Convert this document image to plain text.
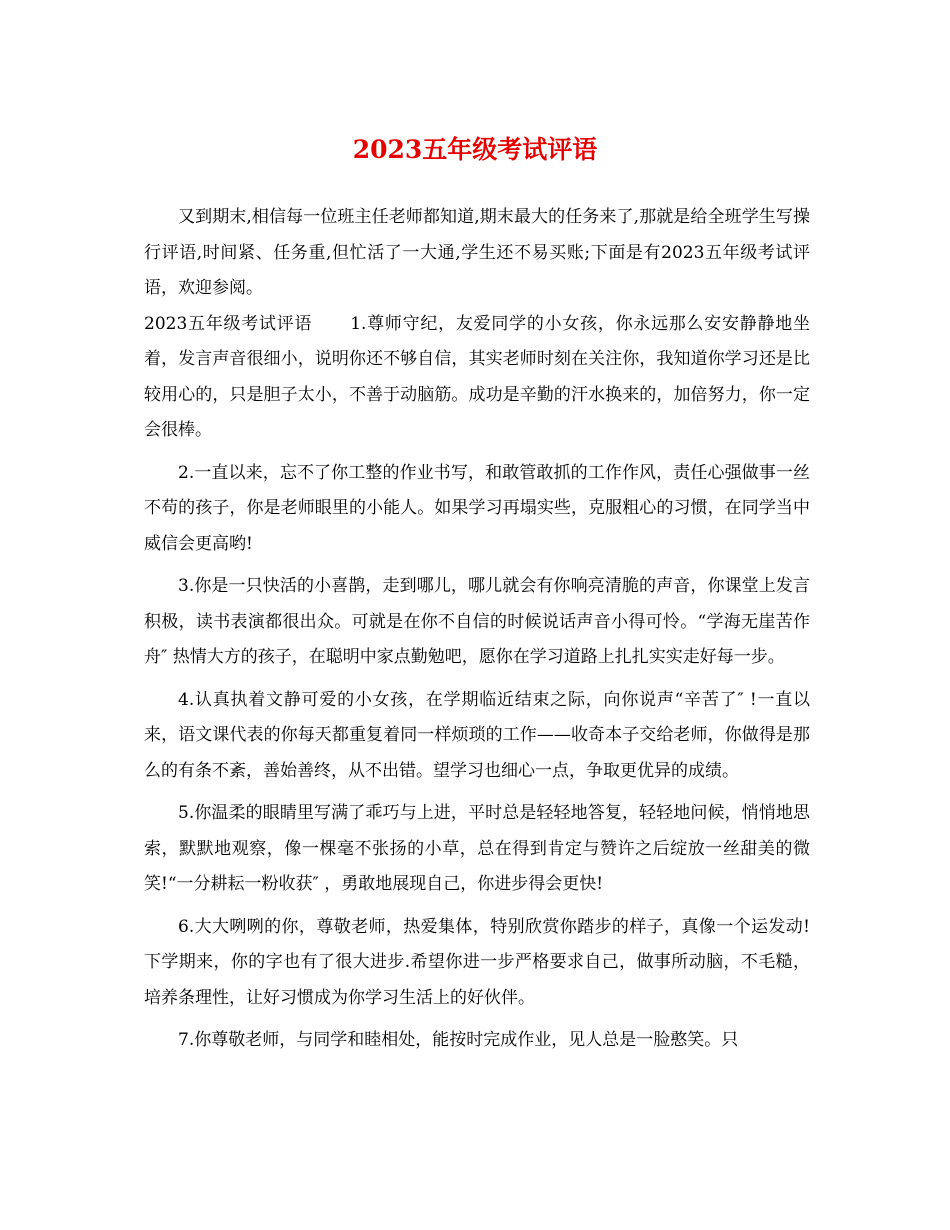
2023五年级考试评语

又到期末,相信每一位班主任老师都知道,期末最大的任务来了,那就是给全班学生写操行评语,时间紧、任务重,但忙活了一大通,学生还不易买账;下面是有2023五年级考试评语，欢迎参阅。

2023五年级考试评语 1.尊师守纪，友爱同学的小女孩，你永远那么安安静静地坐着，发言声音很细小，说明你还不够自信，其实老师时刻在关注你，我知道你学习还是比较用心的，只是胆子太小，不善于动脑筋。成功是辛勤的汗水换来的，加倍努力，你一定会很棒。

2.一直以来，忘不了你工整的作业书写，和敢管敢抓的工作作风，责任心强做事一丝不苟的孩子，你是老师眼里的小能人。如果学习再塌实些，克服粗心的习惯，在同学当中威信会更高哟!

3.你是一只快活的小喜鹊，走到哪儿，哪儿就会有你响亮清脆的声音，你课堂上发言积极，读书表演都很出众。可就是在你不自信的时候说话声音小得可怜。“学海无崖苦作舟″ 热情大方的孩子，在聪明中家点勤勉吧，愿你在学习道路上扎扎实实走好每一步。

4.认真执着文静可爱的小女孩，在学期临近结束之际，向你说声“辛苦了″ !一直以来，语文课代表的你每天都重复着同一样烦琐的工作——收奇本子交给老师，你做得是那么的有条不紊，善始善终，从不出错。望学习也细心一点，争取更优异的成绩。

5.你温柔的眼睛里写满了乖巧与上进，平时总是轻轻地答复，轻轻地问候，悄悄地思索，默默地观察，像一棵毫不张扬的小草，总在得到肯定与赞许之后绽放一丝甜美的微笑!“一分耕耘一粉收获″ ，勇敢地展现自己，你进步得会更快!

6.大大咧咧的你，尊敬老师，热爱集体，特别欣赏你踏步的样子，真像一个运发动!下学期来，你的字也有了很大进步.希望你进一步严格要求自己，做事所动脑，不毛糙，培养条理性，让好习惯成为你学习生活上的好伙伴。

7.你尊敬老师，与同学和睦相处，能按时完成作业，见人总是一脸憨笑。只
